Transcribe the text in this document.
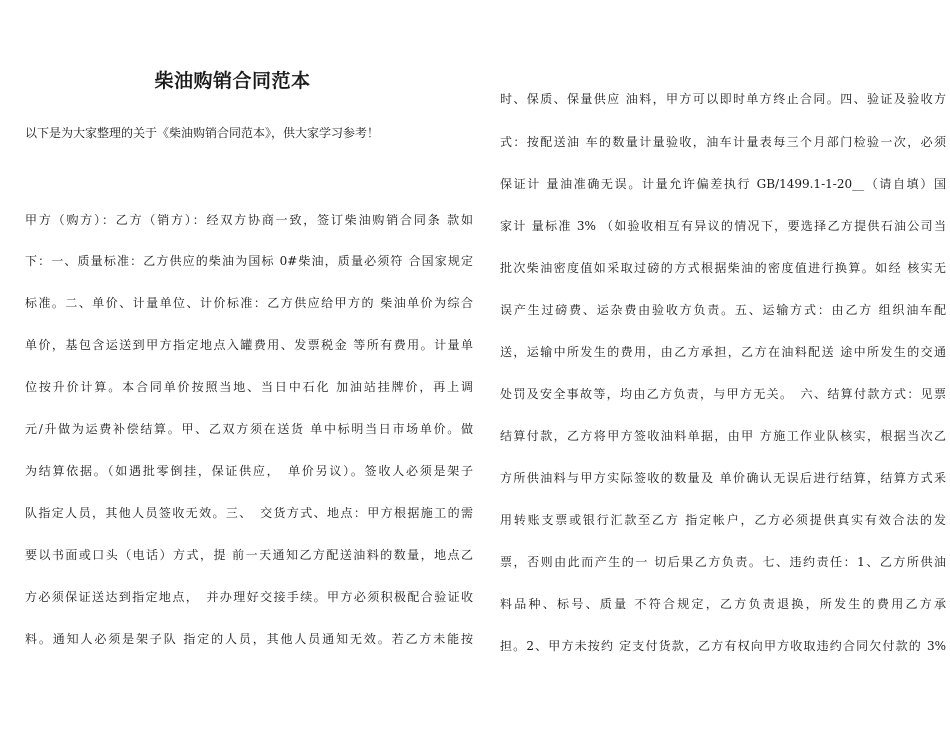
柴油购销合同范本
以下是为大家整理的关于《柴油购销合同范本》，供大家学习参考！
甲方（购方）：乙方（销方）：经双方协商一致，签订柴油购销合同条 款如
下：一、质量标准：乙方供应的柴油为国标 0#柴油，质量必须符 合国家规定
标准。二、单价、计量单位、计价标准：乙方供应给甲方的 柴油单价为综合
单价，基包含运送到甲方指定地点入罐费用、发票税金 等所有费用。计量单
位按升价计算。本合同单价按照当地、当日中石化 加油站挂牌价，再上调
元/升做为运费补偿结算。甲、乙双方须在送货 单中标明当日市场单价。做
为结算依据。（如遇批零倒挂，保证供应，　单价另议）。签收人必须是架子
队指定人员，其他人员签收无效。三、　交货方式、地点：甲方根据施工的需
要以书面或口头（电话）方式，提 前一天通知乙方配送油料的数量，地点乙
方必须保证送达到指定地点，　并办理好交接手续。甲方必须积极配合验证收
料。通知人必须是架子队 指定的人员，其他人员通知无效。若乙方未能按
时、保质、保量供应 油料，甲方可以即时单方终止合同。四、验证及验收方
式：按配送油 车的数量计量验收，油车计量表每三个月部门检验一次，必须
保证计 量油准确无误。计量允许偏差执行 GB/1499.1-1-20__（请自填）国
家计 量标准 3% （如验收相互有异议的情况下，要选择乙方提供石油公司当
批次柴油密度值如采取过磅的方式根据柴油的密度值进行换算。如经 核实无
误产生过磅费、运杂费由验收方负责。五、运输方式：由乙方 组织油车配
送，运输中所发生的费用，由乙方承担，乙方在油料配送 途中所发生的交通
处罚及安全事故等，均由乙方负责，与甲方无关。　六、结算付款方式：见票
结算付款，乙方将甲方签收油料单据，由甲 方施工作业队核实，根据当次乙
方所供油料与甲方实际签收的数量及 单价确认无误后进行结算，结算方式釆
用转账支票或银行汇款至乙方 指定帐户，乙方必须提供真实有效合法的发
票，否则由此而产生的一 切后果乙方负责。七、违约责任：1、乙方所供油
料品种、标号、质量 不符合规定，乙方负责退换，所发生的费用乙方承
担。2、甲方未按约 定支付货款，乙方有权向甲方收取违约合同欠付款的 3%
